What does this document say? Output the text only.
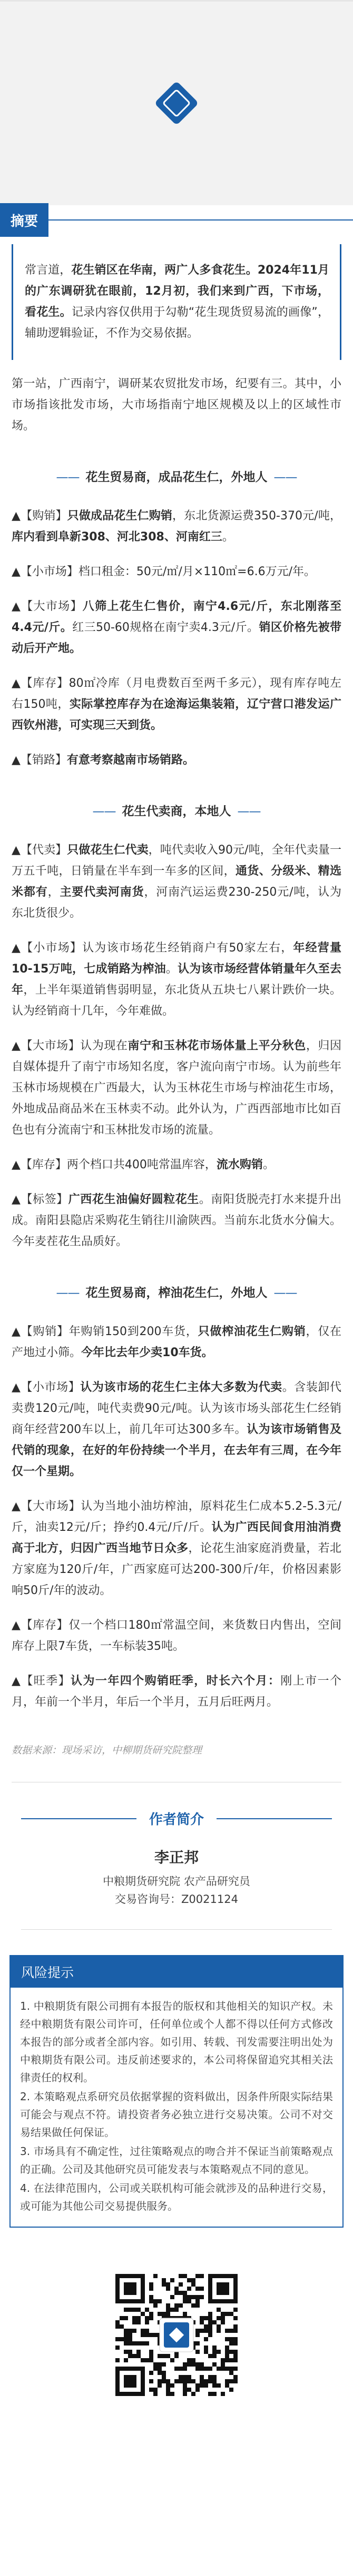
摘要

常言道，花生销区在华南，两广人多食花生。2024年11月的广东调研犹在眼前，12月初，我们来到广西，下市场，看花生。记录内容仅供用于勾勒“花生现货贸易流的画像”，辅助逻辑验证，不作为交易依据。

第一站，广西南宁，调研某农贸批发市场，纪要有三。其中，小市场指该批发市场，大市场指南宁地区规模及以上的区域性市场。

—— 花生贸易商，成品花生仁，外地人 ——

▲【购销】只做成品花生仁购销，东北货源运费350-370元/吨，库内看到阜新308、河北308、河南红三。

▲【小市场】档口租金：50元/㎡/月×110㎡=6.6万元/年。

▲【大市场】八筛上花生仁售价，南宁4.6元/斤，东北刚落至4.4元/斤。红三50-60规格在南宁卖4.3元/斤。销区价格先被带动后开产地。

▲【库存】80㎡冷库（月电费数百至两千多元），现有库存吨左右150吨，实际掌控库存为在途海运集装箱，辽宁营口港发运广西钦州港，可实现三天到货。

▲【销路】有意考察越南市场销路。

—— 花生代卖商，本地人 ——

▲【代卖】只做花生仁代卖，吨代卖收入90元/吨，全年代卖量一万五千吨，日销量在半车到一车多的区间，通货、分级米、精选米都有，主要代卖河南货，河南汽运运费230-250元/吨，认为东北货很少。

▲【小市场】认为该市场花生经销商户有50家左右，年经营量10-15万吨，七成销路为榨油。认为该市场经营体销量年久至去年，上半年渠道销售弱明显，东北货从五块七八累计跌价一块。认为经销商十几年，今年难做。

▲【大市场】认为现在南宁和玉林花市场体量上平分秋色，归因自媒体提升了南宁市场知名度，客户流向南宁市场。认为前些年玉林市场规模在广西最大，认为玉林花生市场与榨油花生市场，外地成品商品米在玉林卖不动。此外认为，广西西部地市比如百色也有分流南宁和玉林批发市场的流量。

▲【库存】两个档口共400吨常温库容，流水购销。

▲【标签】广西花生油偏好圆粒花生。南阳货脱壳打水来提升出成。南阳县隐店采购花生销往川渝陕西。当前东北货水分偏大。今年麦茬花生品质好。

—— 花生贸易商，榨油花生仁，外地人 ——

▲【购销】年购销150到200车货，只做榨油花生仁购销，仅在产地过小筛。今年比去年少卖10车货。

▲【小市场】认为该市场的花生仁主体大多数为代卖。含装卸代卖费120元/吨，吨代卖费90元/吨。认为该市场头部花生仁经销商年经营200车以上，前几年可达300多车。认为该市场销售及代销的现象，在好的年份持续一个半月，在去年有三周，在今年仅一个星期。

▲【大市场】认为当地小油坊榨油，原料花生仁成本5.2-5.3元/斤，油卖12元/斤；挣约0.4元/斤/斤。认为广西民间食用油消费高于北方，归因广西当地节日众多，论花生油家庭消费量，若北方家庭为120斤/年，广西家庭可达200-300斤/年，价格因素影响50斤/年的波动。

▲【库存】仅一个档口180㎡常温空间，来货数日内售出，空间库存上限7车货，一车标装35吨。

▲【旺季】认为一年四个购销旺季，时长六个月：刚上市一个月，年前一个半月，年后一个半月，五月后旺两月。

数据来源：现场采访，中柳期货研究院整理

作者简介
李正邦
中粮期货研究院 农产品研究员
交易咨询号：Z0021124
风险提示

1. 中粮期货有限公司拥有本报告的版权和其他相关的知识产权。未经中粮期货有限公司许可，任何单位或个人都不得以任何方式修改本报告的部分或者全部内容。如引用、转载、刊发需要注明出处为中粮期货有限公司。违反前述要求的，本公司将保留追究其相关法律责任的权利。

2. 本策略观点系研究员依据掌握的资料做出，因条件所限实际结果可能会与观点不符。请投资者务必独立进行交易决策。公司不对交易结果做任何保证。

3. 市场具有不确定性，过往策略观点的吻合并不保证当前策略观点的正确。公司及其他研究员可能发表与本策略观点不同的意见。

4. 在法律范围内，公司或关联机构可能会就涉及的品种进行交易，或可能为其他公司交易提供服务。
